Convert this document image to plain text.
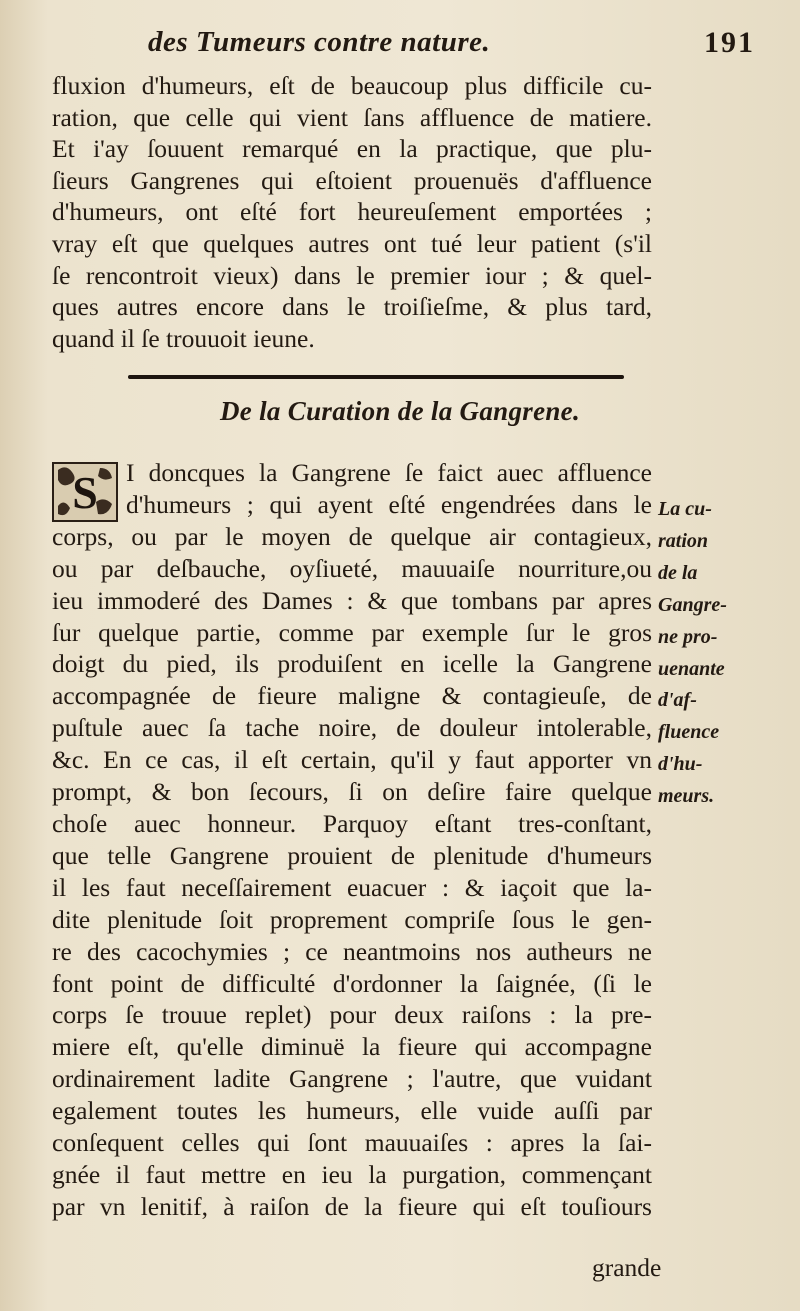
des Tumeurs contre nature.	191
fluxion d'humeurs, eſt de beaucoup plus difficile cu-
ration, que celle qui vient ſans affluence de matiere.
Et i'ay ſouuent remarqué en la practique, que plu-
ſieurs Gangrenes qui eſtoient prouenuës d'affluence
d'humeurs, ont eſté fort heureuſement emportées ;
vray eſt que quelques autres ont tué leur patient (s'il
ſe rencontroit vieux) dans le premier iour ; & quel-
ques autres encore dans le troiſieſme, & plus tard,
quand il ſe trouuoit ieune.
De la Curation de la Gangrene.
S	I doncques la Gangrene ſe faict auec affluence
d'humeurs ; qui ayent eſté engendrées dans le
corps, ou par le moyen de quelque air contagieux,
ou par deſbauche, oyſiueté, mauuaiſe nourriture,ou
ieu immoderé des Dames : & que tombans par apres
ſur quelque partie, comme par exemple ſur le gros
doigt du pied, ils produiſent en icelle la Gangrene
accompagnée de fieure maligne & contagieuſe, de
puſtule auec ſa tache noire, de douleur intolerable,
&c. En ce cas, il eſt certain, qu'il y faut apporter vn
prompt, & bon ſecours, ſi on deſire faire quelque
choſe auec honneur. Parquoy eſtant tres-conſtant,
que telle Gangrene prouient de plenitude d'humeurs
il les faut neceſſairement euacuer : & iaçoit que la-
dite plenitude ſoit proprement compriſe ſous le gen-
re des cacochymies ; ce neantmoins nos autheurs ne
font point de difficulté d'ordonner la ſaignée, (ſi le
corps ſe trouue replet) pour deux raiſons : la pre-
miere eſt, qu'elle diminuë la fieure qui accompagne
ordinairement ladite Gangrene ; l'autre, que vuidant
egalement toutes les humeurs, elle vuide auſſi par
conſequent celles qui ſont mauuaiſes : apres la ſai-
gnée il faut mettre en ieu la purgation, commençant
par vn lenitif, à raiſon de la fieure qui eſt touſiours
La cu-
ration
de la
Gangre-
ne pro-
uenante
d'af-
fluence
d'hu-
meurs.
grande
